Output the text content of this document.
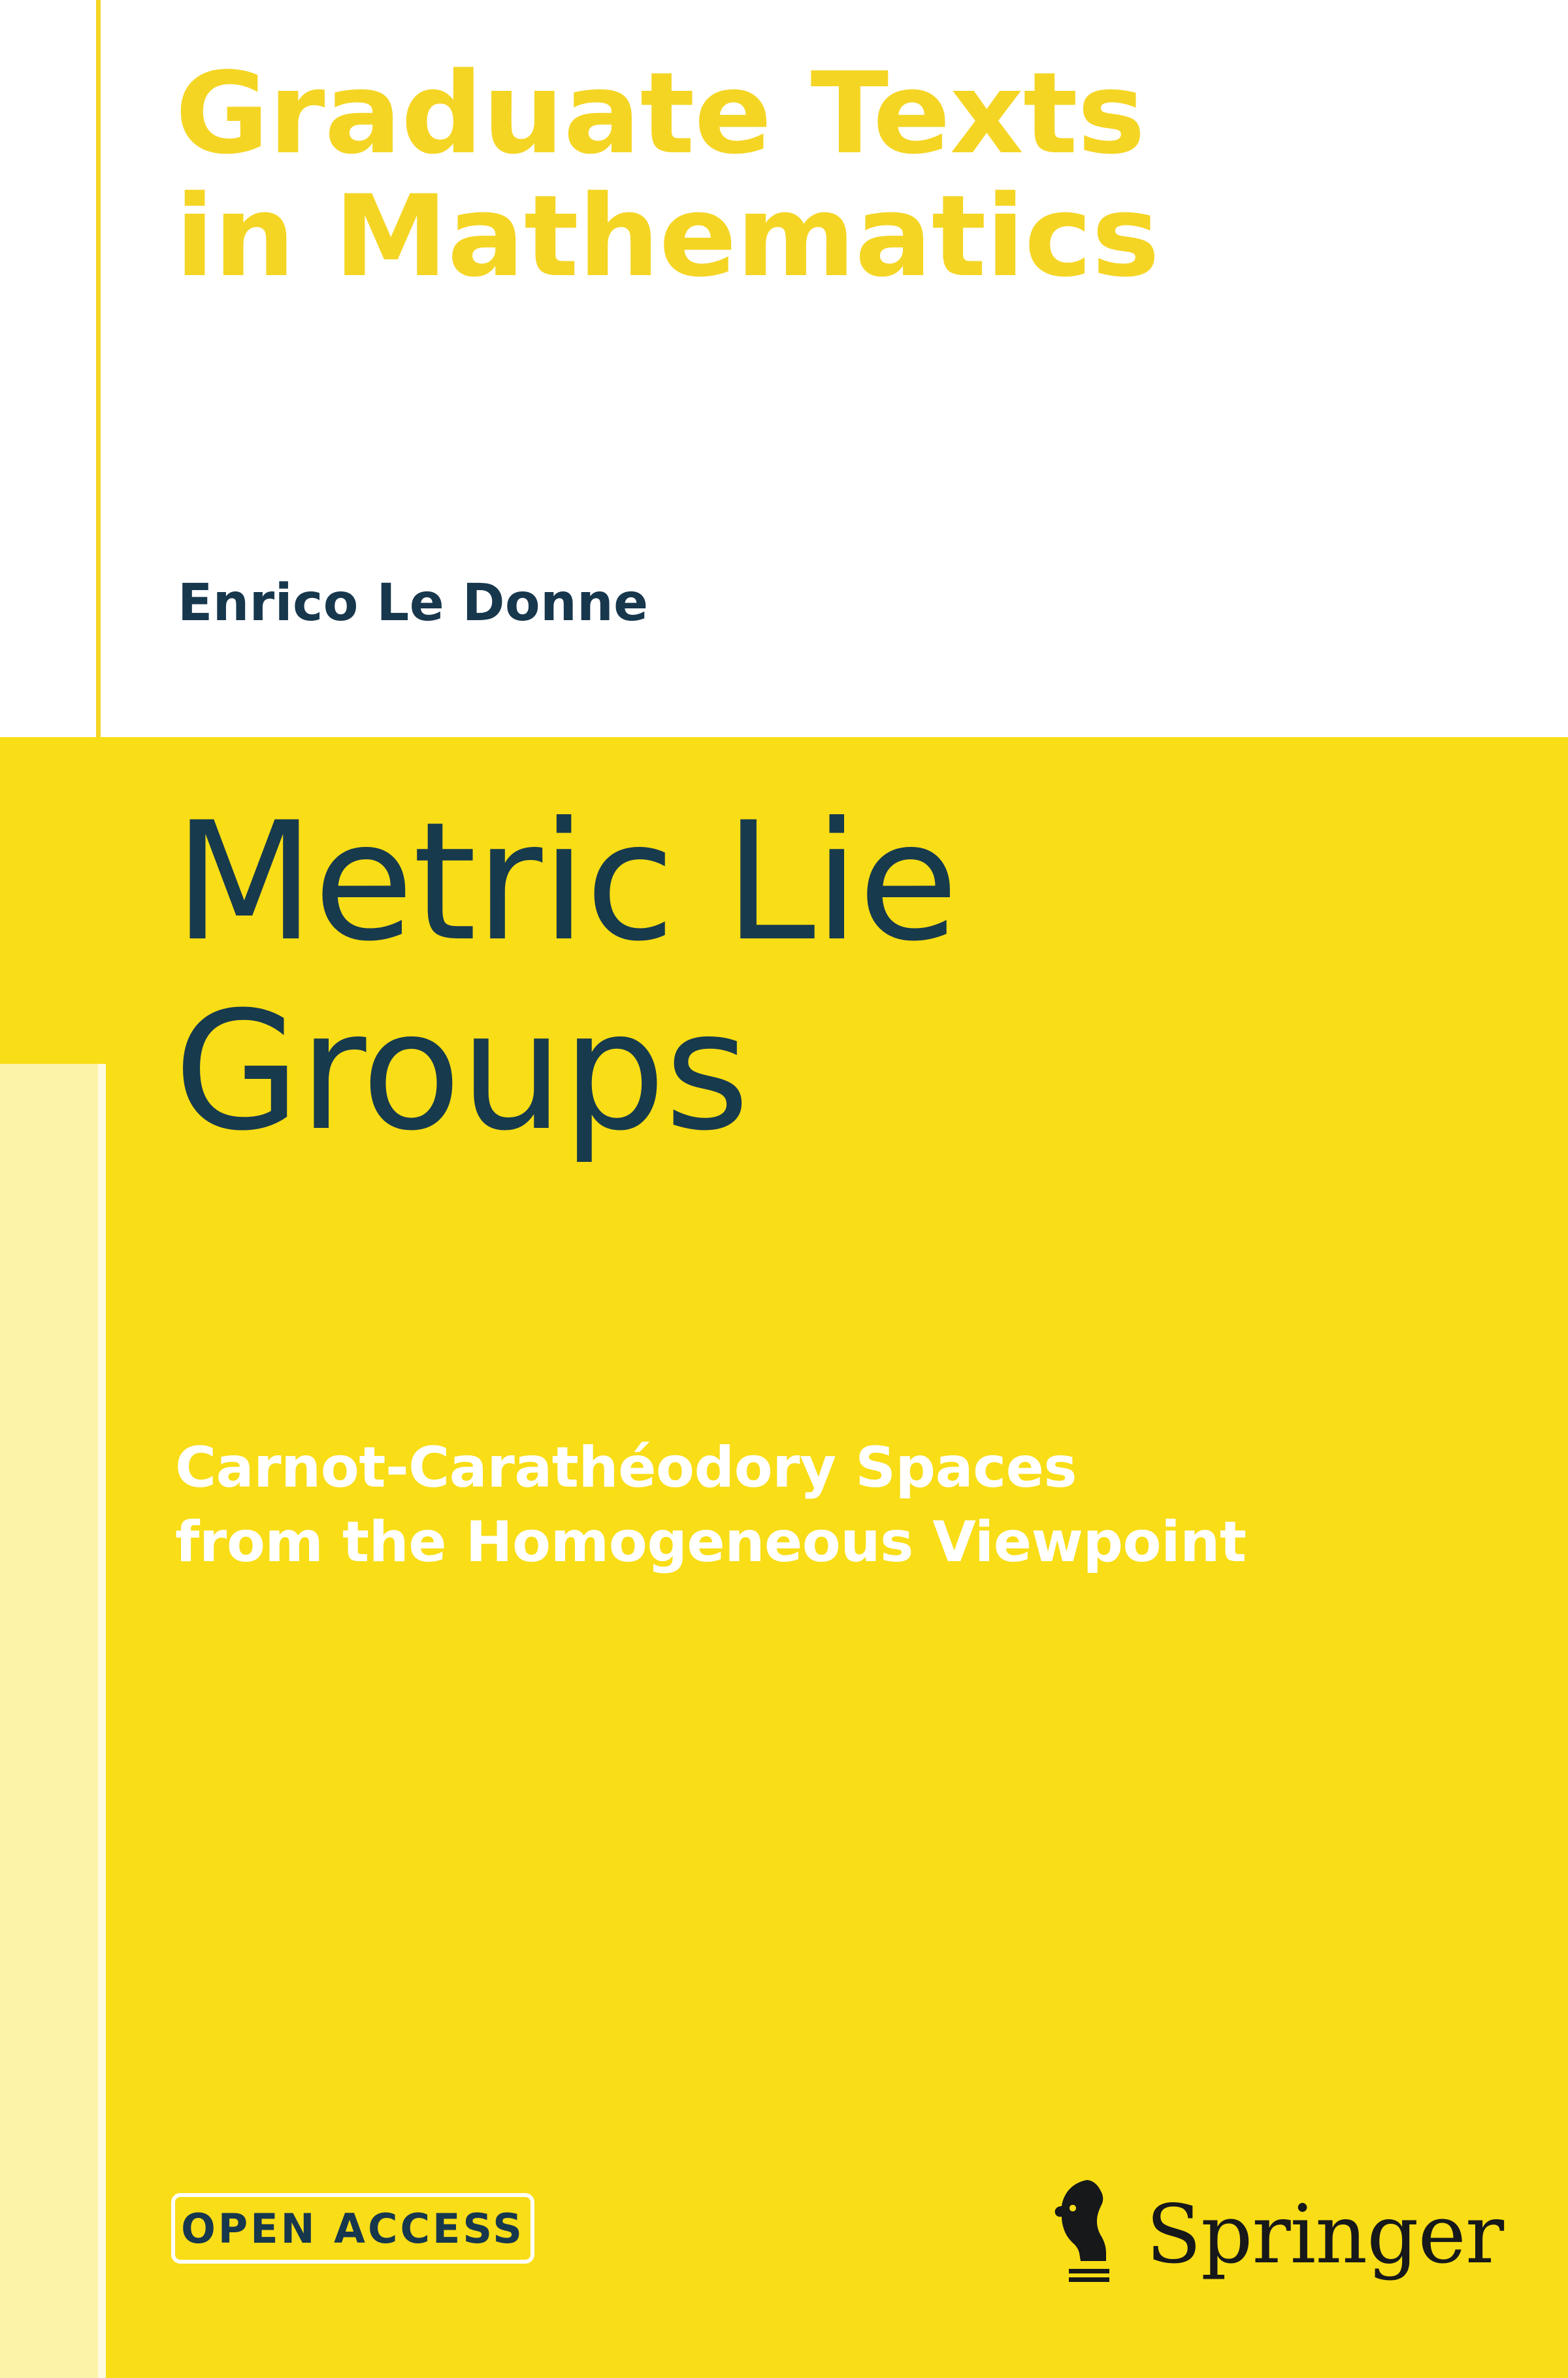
Graduate Texts
in Mathematics
Enrico Le Donne
Metric Lie
Groups
Carnot-Carathéodory Spaces
from the Homogeneous Viewpoint
OPEN ACCESS	Springer
